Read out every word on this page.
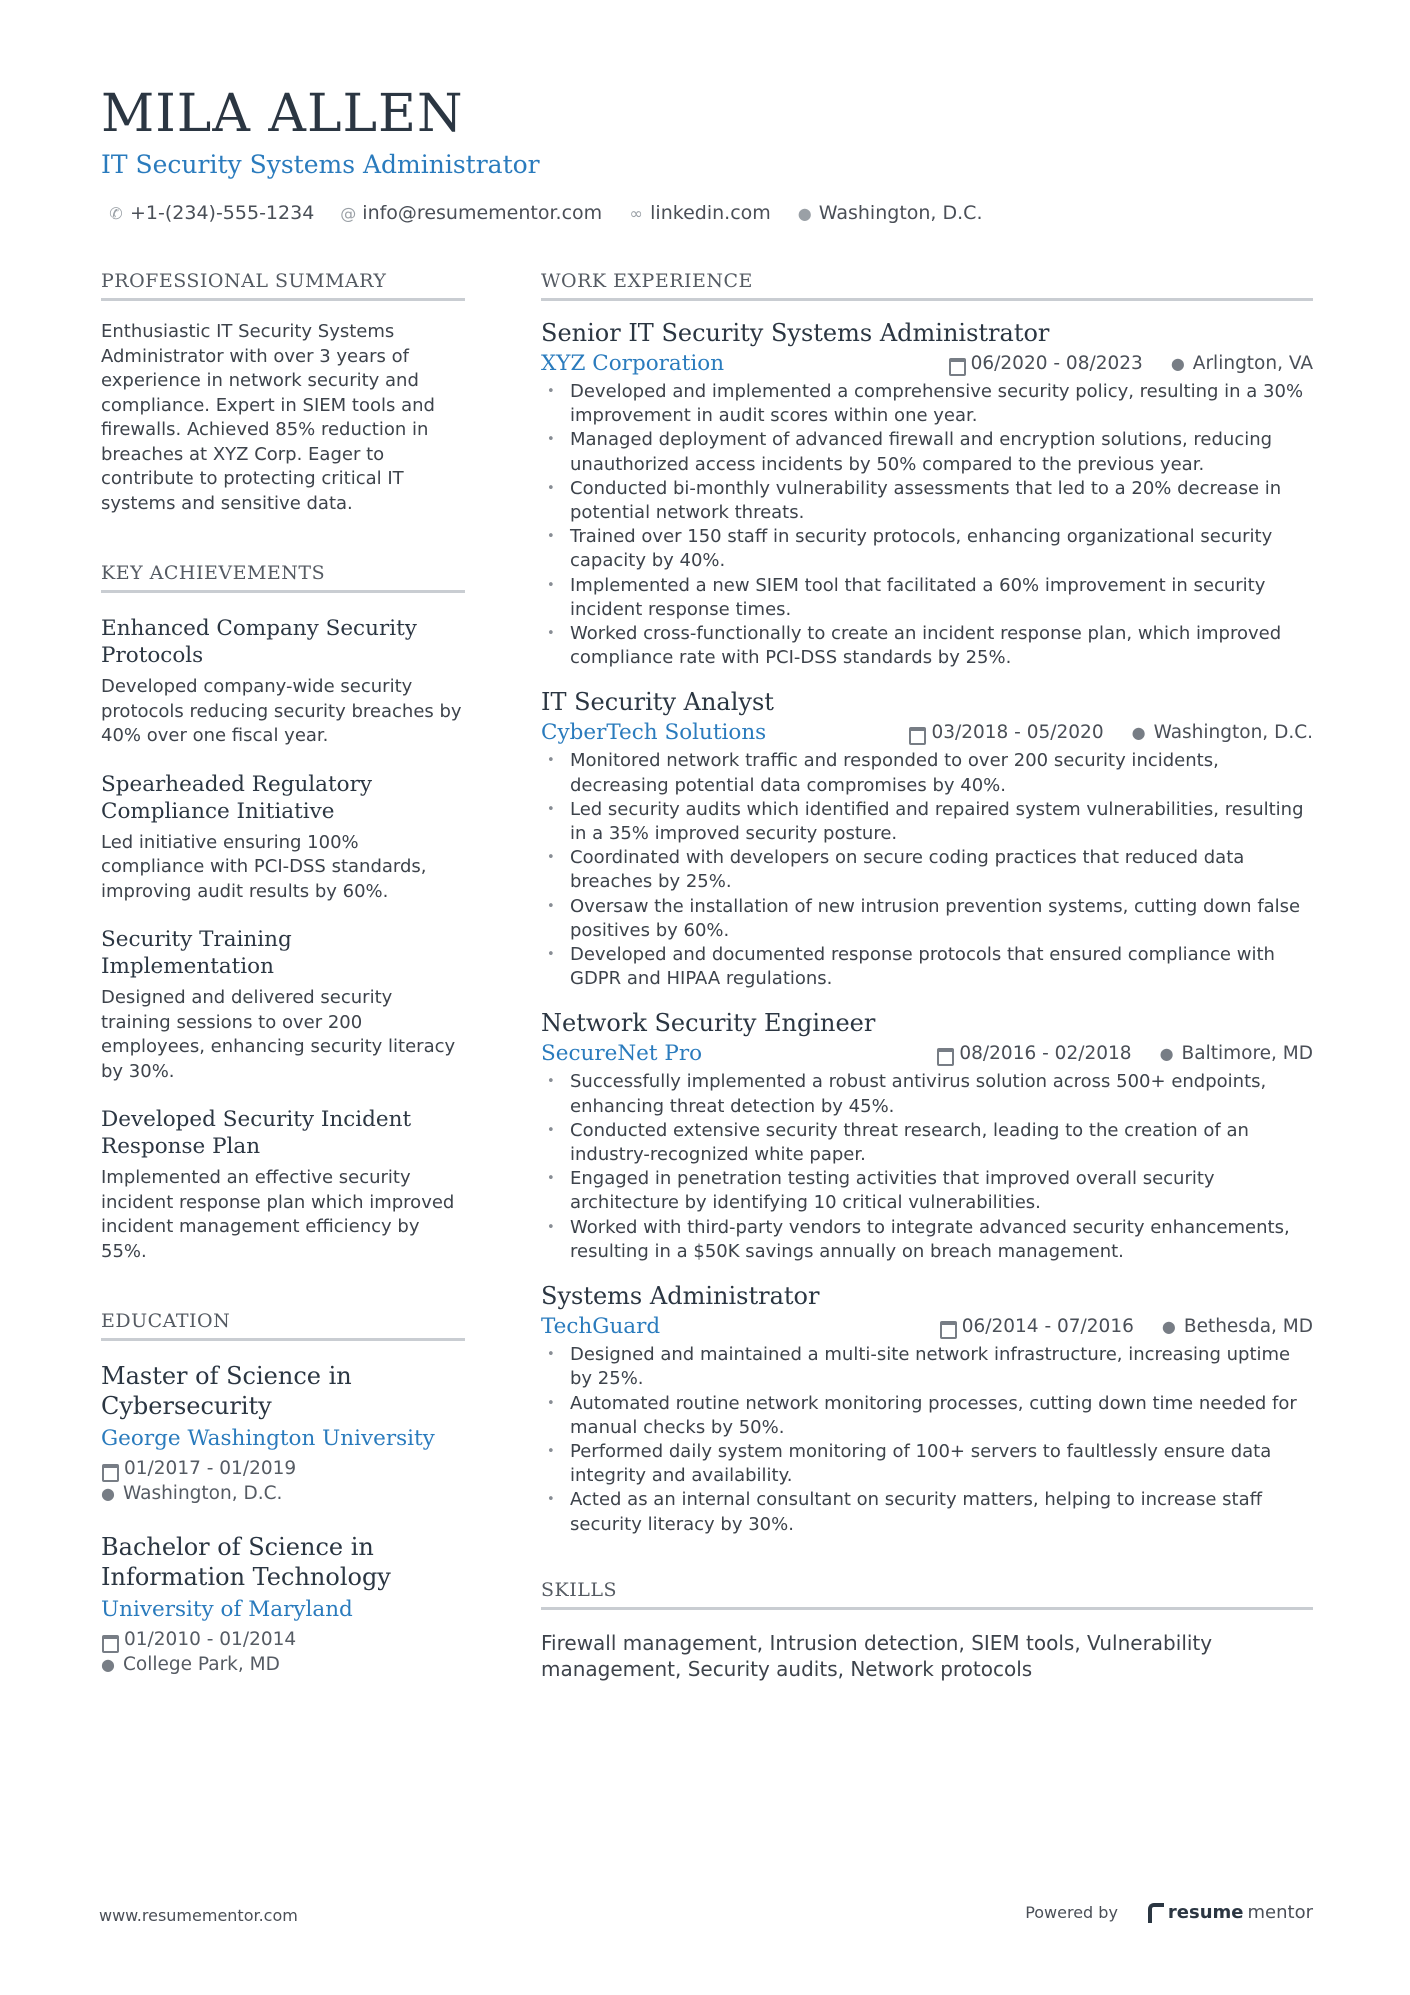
MILA ALLEN
IT Security Systems Administrator
✆ +1-(234)-555-1234 @ info@resumementor.com ∞ linkedin.com ● Washington, D.C.
PROFESSIONAL SUMMARY

Enthusiastic IT Security Systems Administrator with over 3 years of experience in network security and compliance. Expert in SIEM tools and firewalls. Achieved 85% reduction in breaches at XYZ Corp. Eager to contribute to protecting critical IT systems and sensitive data.

KEY ACHIEVEMENTS
Enhanced Company Security Protocols

Developed company-wide security protocols reducing security breaches by 40% over one fiscal year.

Spearheaded Regulatory Compliance Initiative

Led initiative ensuring 100% compliance with PCI-DSS standards, improving audit results by 60%.

Security Training Implementation

Designed and delivered security training sessions to over 200 employees, enhancing security literacy by 30%.

Developed Security Incident Response Plan

Implemented an effective security incident response plan which improved incident management efficiency by 55%.

EDUCATION
Master of Science in Cybersecurity
George Washington University
01/2017 - 01/2019
● Washington, D.C.
Bachelor of Science in Information Technology
University of Maryland
01/2010 - 01/2014
● College Park, MD
WORK EXPERIENCE
Senior IT Security Systems Administrator
XYZ Corporation	06/2020 - 08/2023 ● Arlington, VA
• Developed and implemented a comprehensive security policy, resulting in a 30% improvement in audit scores within one year.
• Managed deployment of advanced firewall and encryption solutions, reducing unauthorized access incidents by 50% compared to the previous year.
• Conducted bi-monthly vulnerability assessments that led to a 20% decrease in potential network threats.
• Trained over 150 staff in security protocols, enhancing organizational security capacity by 40%.
• Implemented a new SIEM tool that facilitated a 60% improvement in security incident response times.
• Worked cross-functionally to create an incident response plan, which improved compliance rate with PCI-DSS standards by 25%.
IT Security Analyst
CyberTech Solutions	03/2018 - 05/2020 ● Washington, D.C.
• Monitored network traffic and responded to over 200 security incidents, decreasing potential data compromises by 40%.
• Led security audits which identified and repaired system vulnerabilities, resulting in a 35% improved security posture.
• Coordinated with developers on secure coding practices that reduced data breaches by 25%.
• Oversaw the installation of new intrusion prevention systems, cutting down false positives by 60%.
• Developed and documented response protocols that ensured compliance with GDPR and HIPAA regulations.
Network Security Engineer
SecureNet Pro	08/2016 - 02/2018 ● Baltimore, MD
• Successfully implemented a robust antivirus solution across 500+ endpoints, enhancing threat detection by 45%.
• Conducted extensive security threat research, leading to the creation of an industry-recognized white paper.
• Engaged in penetration testing activities that improved overall security architecture by identifying 10 critical vulnerabilities.
• Worked with third-party vendors to integrate advanced security enhancements, resulting in a $50K savings annually on breach management.
Systems Administrator
TechGuard	06/2014 - 07/2016 ● Bethesda, MD
• Designed and maintained a multi-site network infrastructure, increasing uptime by 25%.
• Automated routine network monitoring processes, cutting down time needed for manual checks by 50%.
• Performed daily system monitoring of 100+ servers to faultlessly ensure data integrity and availability.
• Acted as an internal consultant on security matters, helping to increase staff security literacy by 30%.
SKILLS

Firewall management, Intrusion detection, SIEM tools, Vulnerability management, Security audits, Network protocols

www.resumementor.com	Powered by	resume mentor
